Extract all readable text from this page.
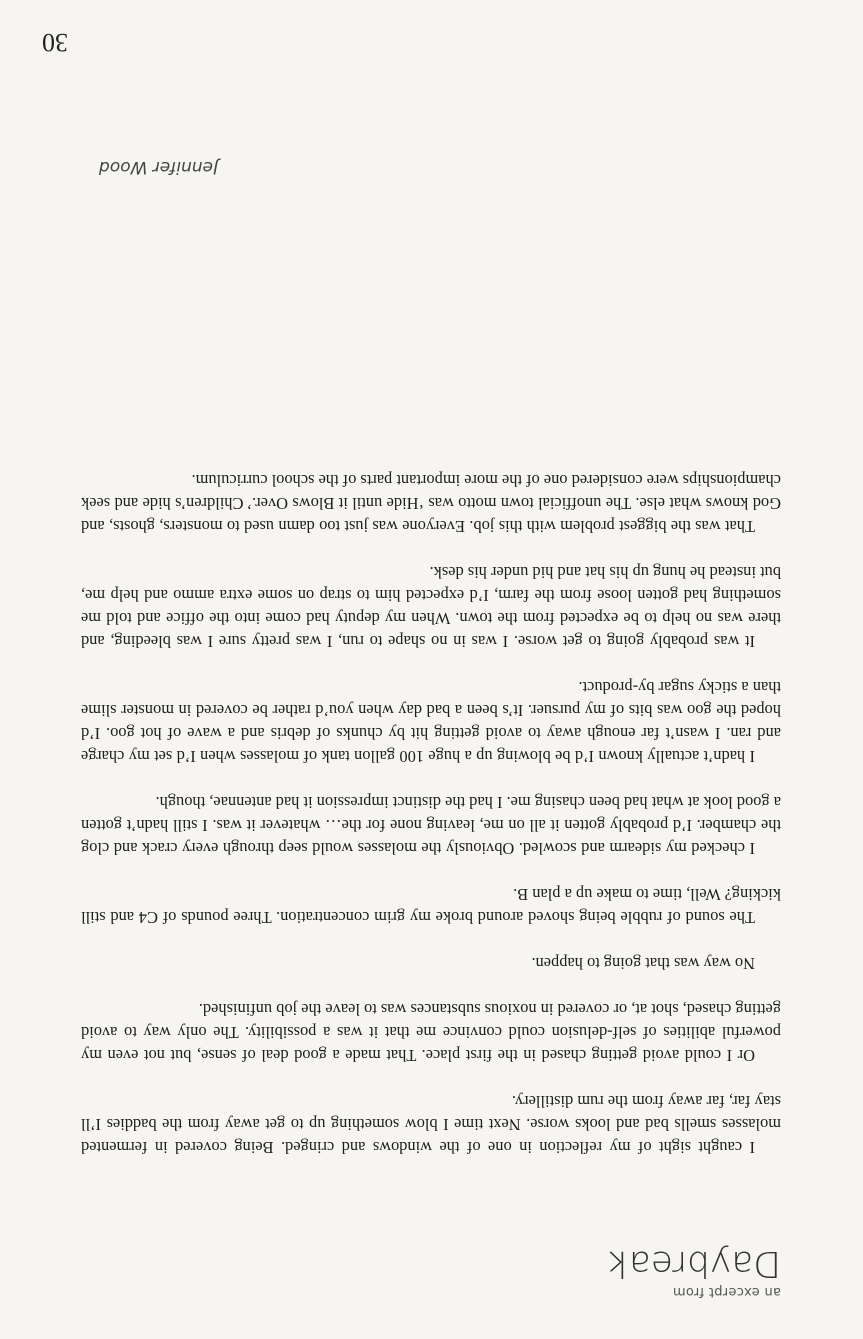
an excerpt from
Daybreak

I caught sight of my reflection in one of the windows and cringed. Being covered in fermented molasses smells bad and looks worse. Next time I blow something up to get away from the baddies I’ll stay far, far away from the rum distillery.

Or I could avoid getting chased in the first place. That made a good deal of sense, but not even my powerful abilities of self-delusion could convince me that it was a possibility. The only way to avoid getting chased, shot at, or covered in noxious substances was to leave the job unfinished.

No way was that going to happen.

The sound of rubble being shoved around broke my grim concentration. Three pounds of C4 and still kicking? Well, time to make up a plan B.

I checked my sidearm and scowled. Obviously the molasses would seep through every crack and clog the chamber. I’d probably gotten it all on me, leaving none for the… whatever it was. I still hadn’t gotten a good look at what had been chasing me. I had the distinct impression it had antennae, though.

I hadn’t actually known I’d be blowing up a huge 100 gallon tank of molasses when I’d set my charge and ran. I wasn’t far enough away to avoid getting hit by chunks of debris and a wave of hot goo. I’d hoped the goo was bits of my pursuer. It’s been a bad day when you’d rather be covered in monster slime than a sticky sugar by-product.

It was probably going to get worse. I was in no shape to run, I was pretty sure I was bleeding, and there was no help to be expected from the town. When my deputy had come into the office and told me something had gotten loose from the farm, I’d expected him to strap on some extra ammo and help me, but instead he hung up his hat and hid under his desk.

That was the biggest problem with this job. Everyone was just too damn used to monsters, ghosts, and God knows what else. The unofficial town motto was ‘Hide until it Blows Over.’ Children’s hide and seek championships were considered one of the more important parts of the school curriculum.

Jennifer Wood
30
